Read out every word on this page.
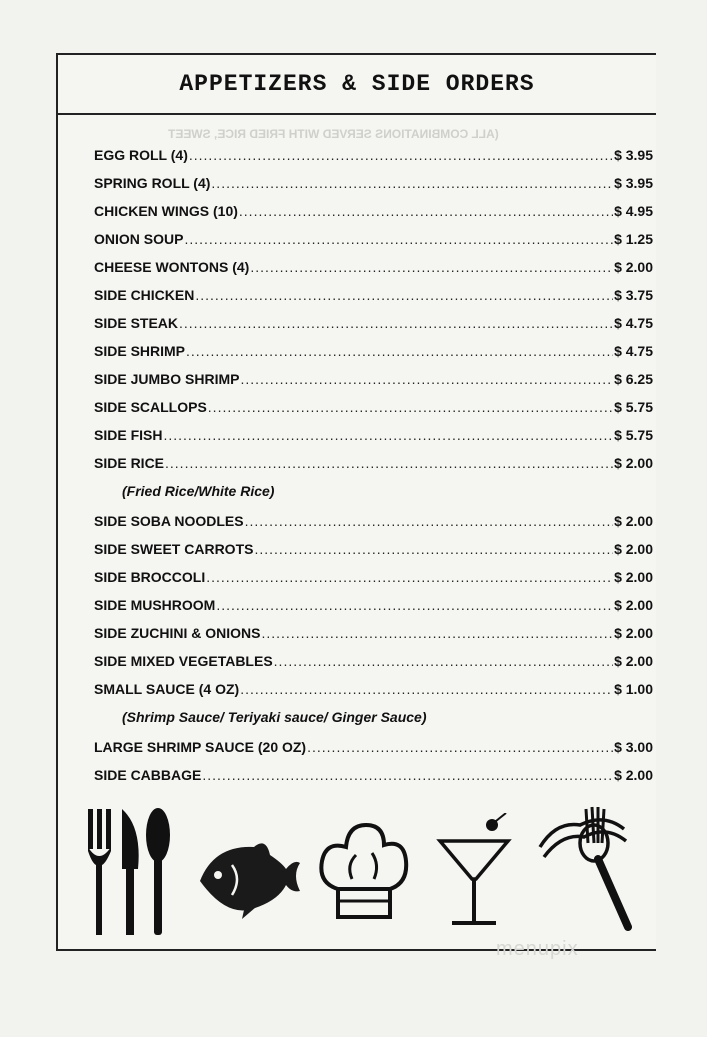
APPETIZERS & SIDE ORDERS
(ALL COMBINATIONS SERVED WITH FRIED RICE, SWEET
EGG ROLL (4) .....	$ 3.95
SPRING ROLL (4) .....	$ 3.95
CHICKEN WINGS (10) .....	$ 4.95
ONION SOUP .....	$ 1.25
CHEESE WONTONS (4) .....	$ 2.00
SIDE CHICKEN .....	$ 3.75
SIDE STEAK .....	$ 4.75
SIDE SHRIMP .....	$ 4.75
SIDE JUMBO SHRIMP .....	$ 6.25
SIDE SCALLOPS .....	$ 5.75
SIDE FISH .....	$ 5.75
SIDE RICE .....	$ 2.00
(Fried Rice/White Rice)
SIDE SOBA NOODLES .....	$ 2.00
SIDE SWEET CARROTS .....	$ 2.00
SIDE BROCCOLI .....	$ 2.00
SIDE MUSHROOM .....	$ 2.00
SIDE ZUCHINI & ONIONS .....	$ 2.00
SIDE MIXED VEGETABLES .....	$ 2.00
SMALL SAUCE (4 OZ) .....	$ 1.00
(Shrimp Sauce/ Teriyaki sauce/ Ginger Sauce)
LARGE SHRIMP SAUCE (20 OZ) .....	$ 3.00
SIDE CABBAGE .....	$ 2.00
menupix
